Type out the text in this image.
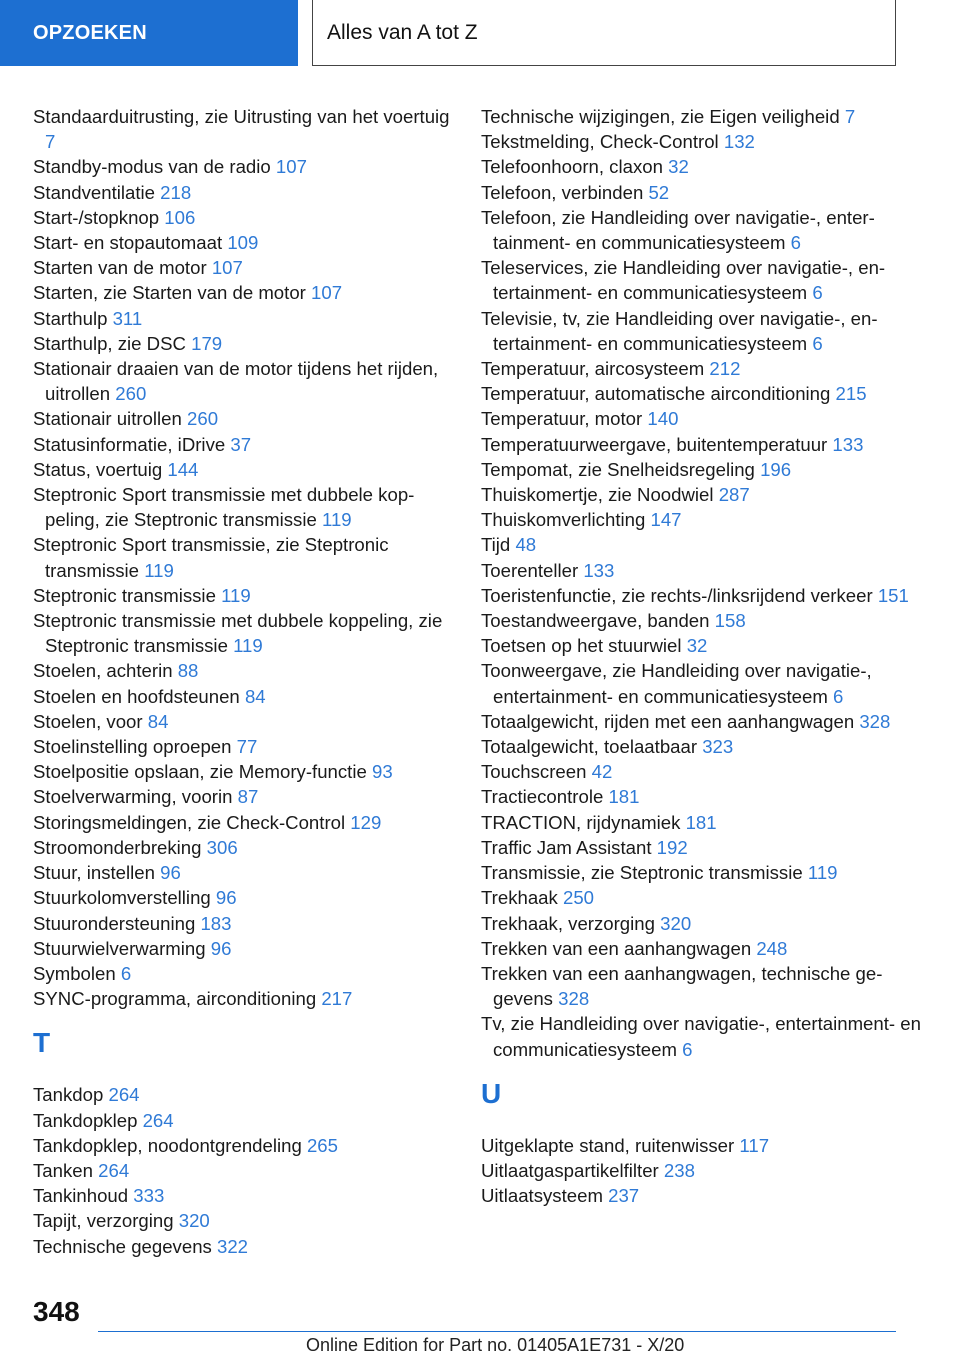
OPZOEKEN	Alles van A tot Z
Standaarduitrusting, zie Uitrusting van het voertuig 7
Standby-modus van de radio 107
Standventilatie 218
Start-/stopknop 106
Start- en stopautomaat 109
Starten van de motor 107
Starten, zie Starten van de motor 107
Starthulp 311
Starthulp, zie DSC 179
Stationair draaien van de motor tijdens het rijden, uitrollen 260
Stationair uitrollen 260
Statusinformatie, iDrive 37
Status, voertuig 144
Steptronic Sport transmissie met dubbele koppeling, zie Steptronic transmissie 119
Steptronic Sport transmissie, zie Steptronic transmissie 119
Steptronic transmissie 119
Steptronic transmissie met dubbele koppeling, zie Steptronic transmissie 119
Stoelen, achterin 88
Stoelen en hoofdsteunen 84
Stoelen, voor 84
Stoelinstelling oproepen 77
Stoelpositie opslaan, zie Memory-functie 93
Stoelverwarming, voorin 87
Storingsmeldingen, zie Check-Control 129
Stroomonderbreking 306
Stuur, instellen 96
Stuurkolomverstelling 96
Stuurondersteuning 183
Stuurwielverwarming 96
Symbolen 6
SYNC-programma, airconditioning 217
T
Tankdop 264
Tankdopklep 264
Tankdopklep, noodontgrendeling 265
Tanken 264
Tankinhoud 333
Tapijt, verzorging 320
Technische gegevens 322
Technische wijzigingen, zie Eigen veiligheid 7
Tekstmelding, Check-Control 132
Telefoonhoorn, claxon 32
Telefoon, verbinden 52
Telefoon, zie Handleiding over navigatie-, entertainment- en communicatiesysteem 6
Teleservices, zie Handleiding over navigatie-, entertainment- en communicatiesysteem 6
Televisie, tv, zie Handleiding over navigatie-, entertainment- en communicatiesysteem 6
Temperatuur, aircosysteem 212
Temperatuur, automatische airconditioning 215
Temperatuur, motor 140
Temperatuurweergave, buitentemperatuur 133
Tempomat, zie Snelheidsregeling 196
Thuiskomertje, zie Noodwiel 287
Thuiskomverlichting 147
Tijd 48
Toerenteller 133
Toeristenfunctie, zie rechts-/linksrijdend verkeer 151
Toestandweergave, banden 158
Toetsen op het stuurwiel 32
Toonweergave, zie Handleiding over navigatie-, entertainment- en communicatiesysteem 6
Totaalgewicht, rijden met een aanhangwagen 328
Totaalgewicht, toelaatbaar 323
Touchscreen 42
Tractiecontrole 181
TRACTION, rijdynamiek 181
Traffic Jam Assistant 192
Transmissie, zie Steptronic transmissie 119
Trekhaak 250
Trekhaak, verzorging 320
Trekken van een aanhangwagen 248
Trekken van een aanhangwagen, technische gegevens 328
Tv, zie Handleiding over navigatie-, entertainment- en communicatiesysteem 6
U
Uitgeklapte stand, ruitenwisser 117
Uitlaatgaspartikelfilter 238
Uitlaatsysteem 237
348
Online Edition for Part no. 01405A1E731 - X/20
